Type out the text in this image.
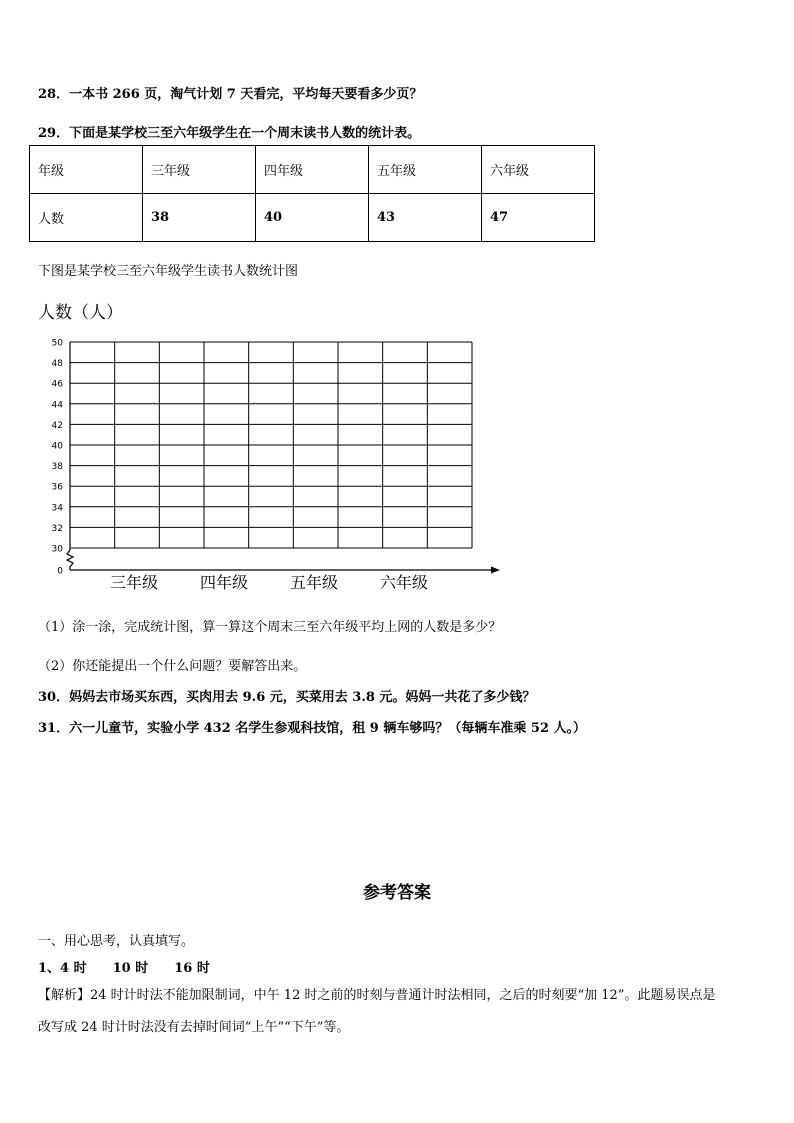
28．一本书 266 页，淘气计划 7 天看完，平均每天要看多少页？
29．下面是某学校三至六年级学生在一个周末读书人数的统计表。
年级	三年级	四年级	五年级	六年级
人数	38	40	43	47
下图是某学校三至六年级学生读书人数统计图
人数（人）
0
30
32
34
36
38
40
42
44
46
48
50
三年级	四年级	五年级	六年级
（1）涂一涂，完成统计图，算一算这个周末三至六年级平均上网的人数是多少？
（2）你还能提出一个什么问题？要解答出来。
30．妈妈去市场买东西，买肉用去 9.6 元，买菜用去 3.8 元。妈妈一共花了多少钱？
31．六一儿童节，实验小学 432 名学生参观科技馆，租 9 辆车够吗？（每辆车准乘 52 人。）
参考答案
一、用心思考，认真填写。
1、4 时　　10 时　　16 时
【解析】24 时计时法不能加限制词，中午 12 时之前的时刻与普通计时法相同，之后的时刻要“加 12”。此题易误点是
改写成 24 时计时法没有去掉时间词“上午”“下午”等。
